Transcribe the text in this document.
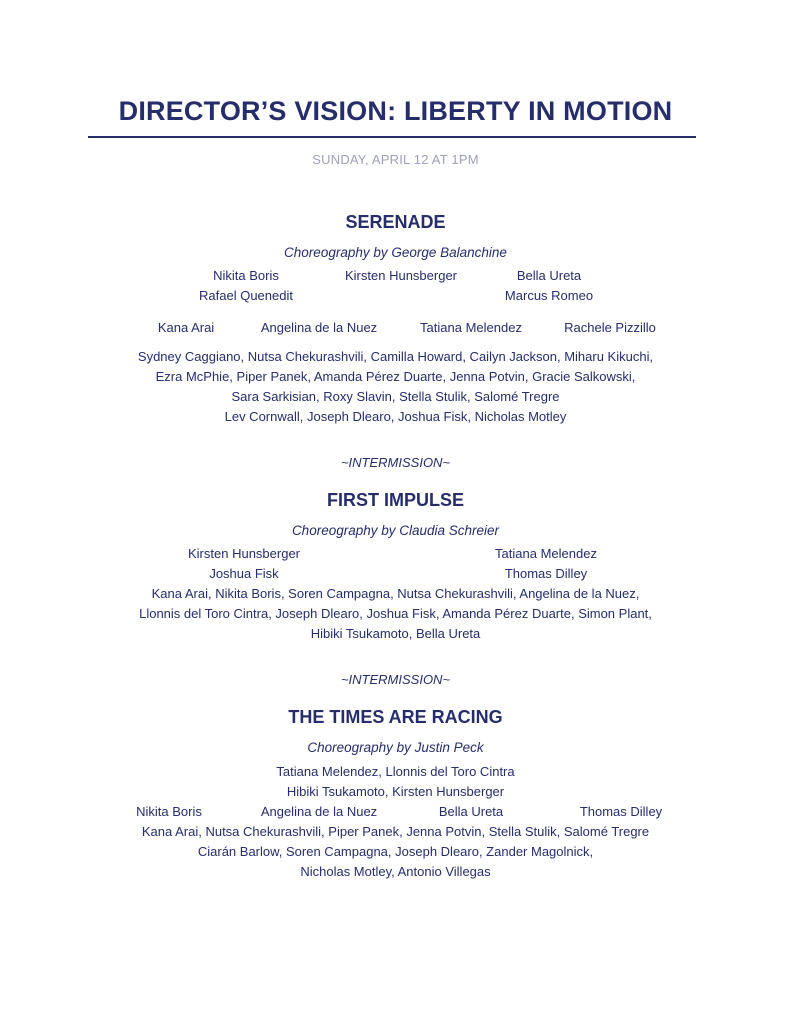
DIRECTOR’S VISION: LIBERTY IN MOTION
SUNDAY, APRIL 12 AT 1PM
SERENADE
Choreography by George Balanchine
Nikita Boris	Kirsten Hunsberger	Bella Ureta
Rafael Quenedit	Marcus Romeo
Kana Arai	Angelina de la Nuez	Tatiana Melendez	Rachele Pizzillo
Sydney Caggiano, Nutsa Chekurashvili, Camilla Howard, Cailyn Jackson, Miharu Kikuchi,
Ezra McPhie, Piper Panek, Amanda Pérez Duarte, Jenna Potvin, Gracie Salkowski,
Sara Sarkisian, Roxy Slavin, Stella Stulik, Salomé Tregre
Lev Cornwall, Joseph Dlearo, Joshua Fisk, Nicholas Motley
~INTERMISSION~
FIRST IMPULSE
Choreography by Claudia Schreier
Kirsten Hunsberger	Tatiana Melendez
Joshua Fisk	Thomas Dilley
Kana Arai, Nikita Boris, Soren Campagna, Nutsa Chekurashvili, Angelina de la Nuez,
Llonnis del Toro Cintra, Joseph Dlearo, Joshua Fisk, Amanda Pérez Duarte, Simon Plant,
Hibiki Tsukamoto, Bella Ureta
~INTERMISSION~
THE TIMES ARE RACING
Choreography by Justin Peck
Tatiana Melendez, Llonnis del Toro Cintra
Hibiki Tsukamoto, Kirsten Hunsberger
Nikita Boris	Angelina de la Nuez	Bella Ureta	Thomas Dilley
Kana Arai, Nutsa Chekurashvili, Piper Panek, Jenna Potvin, Stella Stulik, Salomé Tregre
Ciarán Barlow, Soren Campagna, Joseph Dlearo, Zander Magolnick,
Nicholas Motley, Antonio Villegas
